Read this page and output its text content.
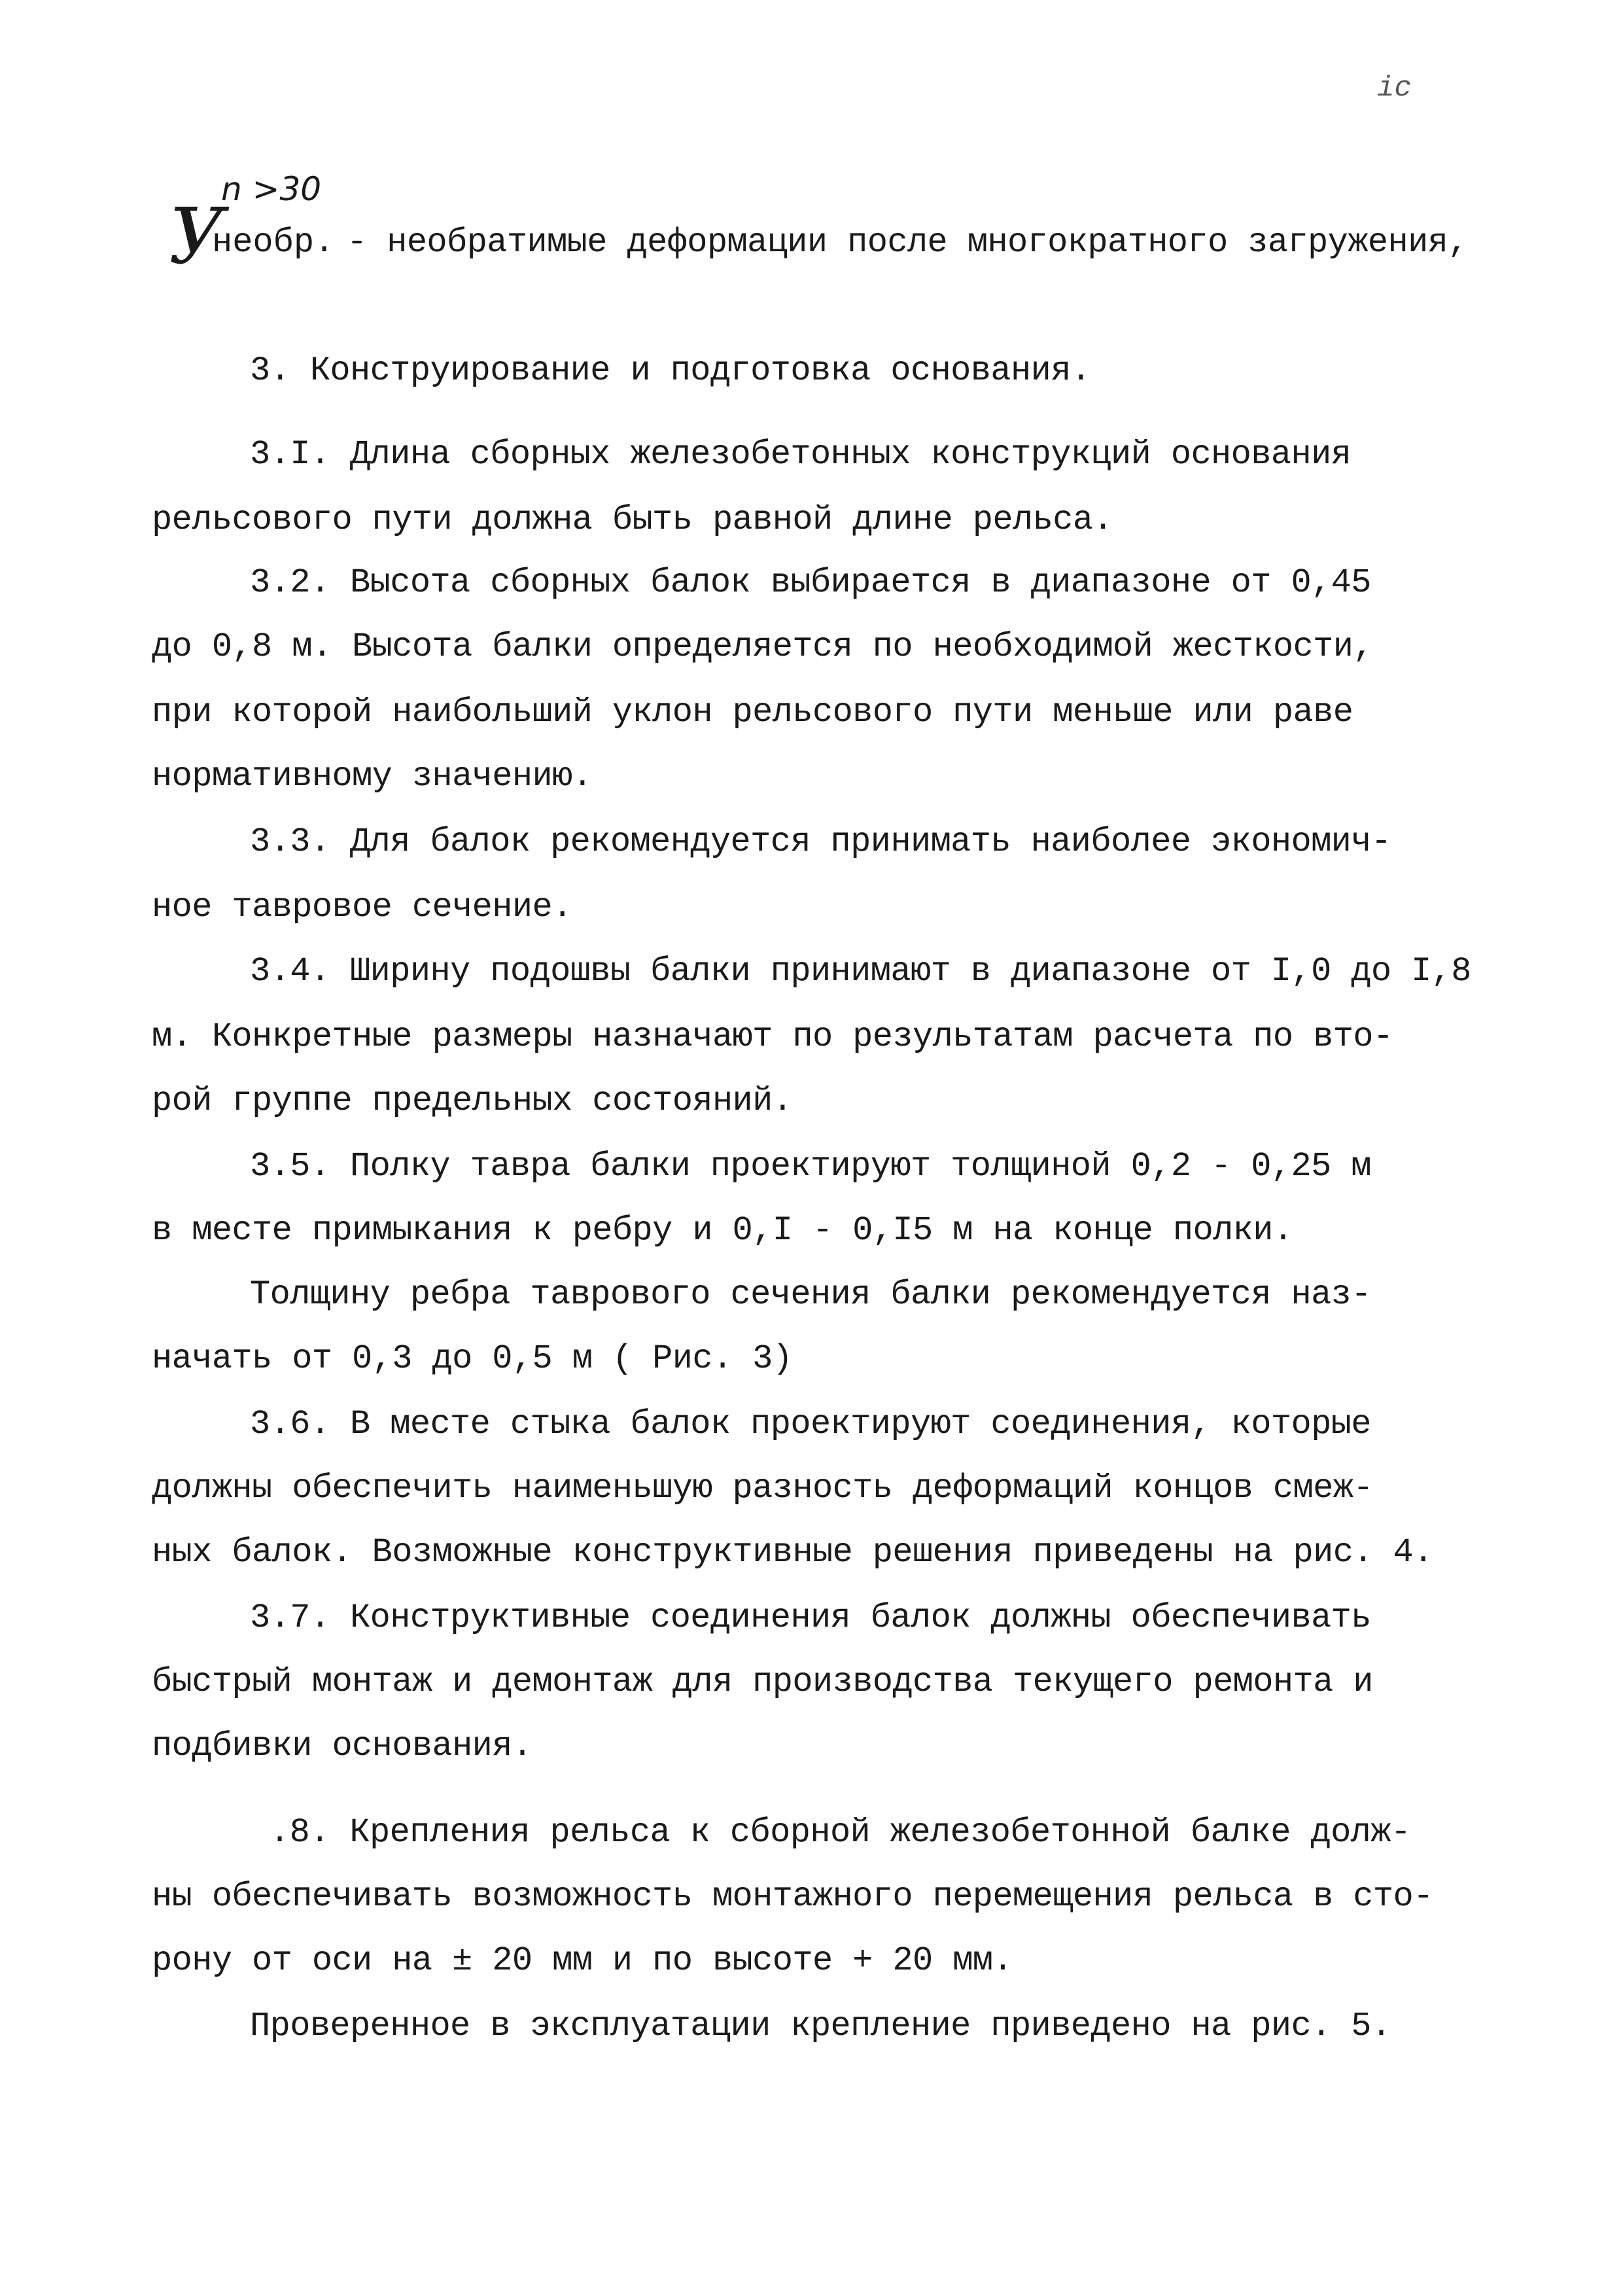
ic
У
n >30
необр. - необратимые деформации после многократного загружения,
3. Конструирование и подготовка основания.
3.I. Длина сборных железобетонных конструкций основания
рельсового пути должна быть равной длине рельса.
3.2. Высота сборных балок выбирается в диапазоне от 0,45
до 0,8 м. Высота балки определяется по необходимой жесткости,
при которой наибольший уклон рельсового пути меньше или раве
нормативному значению.
3.3. Для балок рекомендуется принимать наиболее экономич-
ное тавровое сечение.
3.4. Ширину подошвы балки принимают в диапазоне от I,0 до I,8
м. Конкретные размеры назначают по результатам расчета по вто-
рой группе предельных состояний.
3.5. Полку тавра балки проектируют толщиной 0,2 - 0,25 м
в месте примыкания к ребру и 0,I - 0,I5 м на конце полки.
Толщину ребра таврового сечения балки рекомендуется наз-
начать от 0,3 до 0,5 м ( Рис. 3)
3.6. В месте стыка балок проектируют соединения, которые
должны обеспечить наименьшую разность деформаций концов смеж-
ных балок. Возможные конструктивные решения приведены на рис. 4.
3.7. Конструктивные соединения балок должны обеспечивать
быстрый монтаж и демонтаж для производства текущего ремонта и
подбивки основания.
.8. Крепления рельса к сборной железобетонной балке долж-
ны обеспечивать возможность монтажного перемещения рельса в сто-
рону от оси на ± 20 мм и по высоте + 20 мм.
Проверенное в эксплуатации крепление приведено на рис. 5.
